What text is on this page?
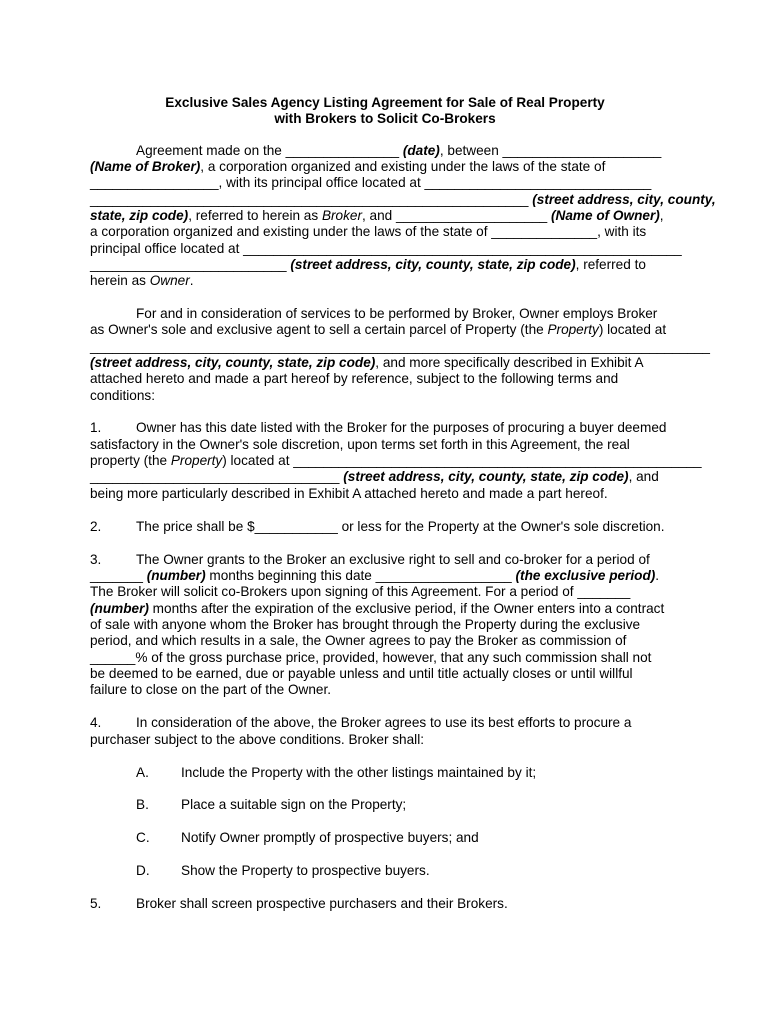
Exclusive Sales Agency Listing Agreement for Sale of Real Property
with Brokers to Solicit Co-Brokers
Agreement made on the _______________ (date), between _____________________
(Name of Broker), a corporation organized and existing under the laws of the state of
_________________, with its principal office located at ______________________________
__________________________________________________________ (street address, city, county,
state, zip code), referred to herein as Broker, and ____________________ (Name of Owner),
a corporation organized and existing under the laws of the state of ______________, with its
principal office located at __________________________________________________________
__________________________ (street address, city, county, state, zip code), referred to
herein as Owner.
For and in consideration of services to be performed by Broker, Owner employs Broker
as Owner's sole and exclusive agent to sell a certain parcel of Property (the Property) located at
__________________________________________________________________________________
(street address, city, county, state, zip code), and more specifically described in Exhibit A
attached hereto and made a part hereof by reference, subject to the following terms and
conditions:
1.	Owner has this date listed with the Broker for the purposes of procuring a buyer deemed
satisfactory in the Owner's sole discretion, upon terms set forth in this Agreement, the real
property (the Property) located at ______________________________________________________
_________________________________ (street address, city, county, state, zip code), and
being more particularly described in Exhibit A attached hereto and made a part hereof.
2.	The price shall be $___________ or less for the Property at the Owner's sole discretion.
3.	The Owner grants to the Broker an exclusive right to sell and co-broker for a period of
_______ (number) months beginning this date __________________ (the exclusive period).
The Broker will solicit co-Brokers upon signing of this Agreement. For a period of _______
(number) months after the expiration of the exclusive period, if the Owner enters into a contract
of sale with anyone whom the Broker has brought through the Property during the exclusive
period, and which results in a sale, the Owner agrees to pay the Broker as commission of
______% of the gross purchase price, provided, however, that any such commission shall not
be deemed to be earned, due or payable unless and until title actually closes or until willful
failure to close on the part of the Owner.
4.	In consideration of the above, the Broker agrees to use its best efforts to procure a
purchaser subject to the above conditions. Broker shall:
A. Include the Property with the other listings maintained by it;
B. Place a suitable sign on the Property;
C. Notify Owner promptly of prospective buyers; and
D. Show the Property to prospective buyers.
5.	Broker shall screen prospective purchasers and their Brokers.
